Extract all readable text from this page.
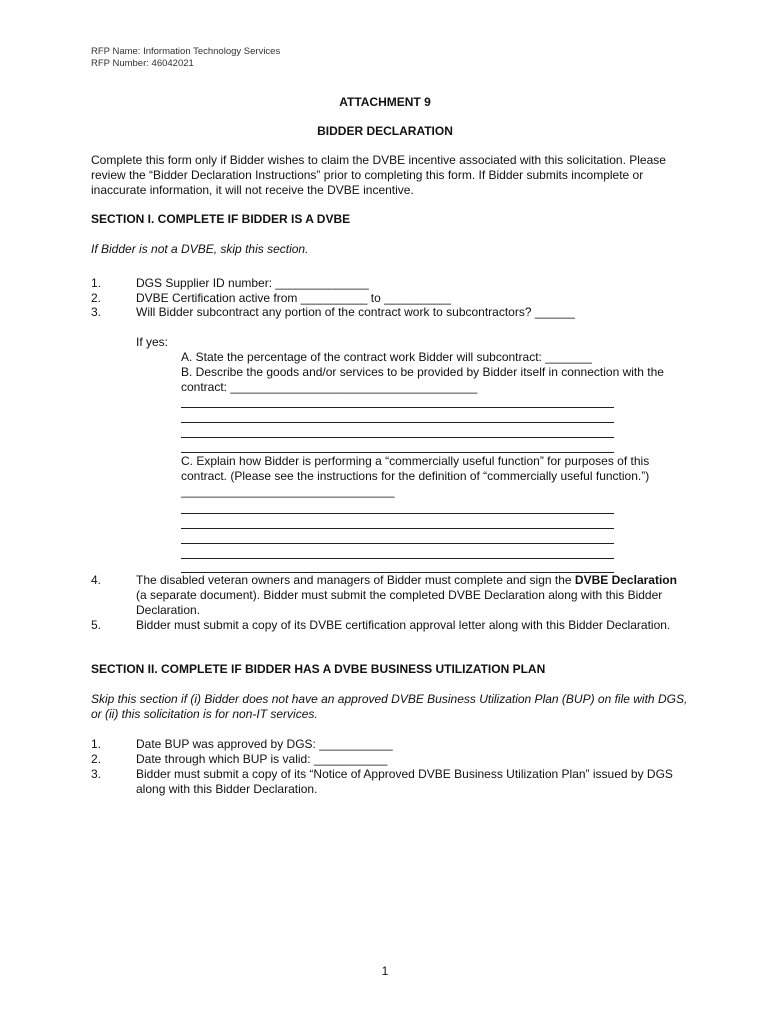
RFP Name: Information Technology Services
RFP Number: 46042021
ATTACHMENT 9
BIDDER DECLARATION
Complete this form only if Bidder wishes to claim the DVBE incentive associated with this solicitation. Please review the “Bidder Declaration Instructions” prior to completing this form. If Bidder submits incomplete or inaccurate information, it will not receive the DVBE incentive.
SECTION I. COMPLETE IF BIDDER IS A DVBE
If Bidder is not a DVBE, skip this section.
1.	DGS Supplier ID number: ______________
2.	DVBE Certification active from __________ to __________
3.	Will Bidder subcontract any portion of the contract work to subcontractors? ______
If yes:
A. State the percentage of the contract work Bidder will subcontract: _______
B. Describe the goods and/or services to be provided by Bidder itself in connection with the contract: _____________________________________
C. Explain how Bidder is performing a “commercially useful function” for purposes of this contract. (Please see the instructions for the definition of “commercially useful function.”) ________________________________
4.	The disabled veteran owners and managers of Bidder must complete and sign the DVBE Declaration (a separate document). Bidder must submit the completed DVBE Declaration along with this Bidder Declaration.
5.	Bidder must submit a copy of its DVBE certification approval letter along with this Bidder Declaration.
SECTION II. COMPLETE IF BIDDER HAS A DVBE BUSINESS UTILIZATION PLAN
Skip this section if (i) Bidder does not have an approved DVBE Business Utilization Plan (BUP) on file with DGS, or (ii) this solicitation is for non-IT services.
1.	Date BUP was approved by DGS: ___________
2.	Date through which BUP is valid: ___________
3.	Bidder must submit a copy of its “Notice of Approved DVBE Business Utilization Plan” issued by DGS along with this Bidder Declaration.
1
